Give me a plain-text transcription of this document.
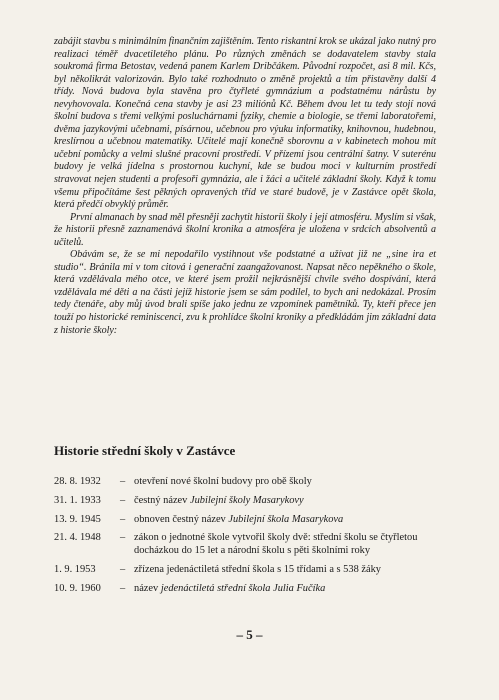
zabájit stavbu s minimálním finančním zajištěním. Tento riskantní krok se ukázal jako nutný pro realizaci téměř dvacetiletého plánu. Po různých změnách se dodavatelem stavby stala soukromá firma Betostav, vedená panem Karlem Dribčákem. Původní rozpočet, asi 8 mil. Kčs, byl několikrát valorizován. Bylo také rozhodnuto o změně projektů a tím přistavěny další 4 třídy. Nová budova byla stavěna pro čtyřleté gymnázium a podstatnému nárůstu by nevyhovovala. Konečná cena stavby je asi 23 miliónů Kč. Během dvou let tu tedy stojí nová školní budova s třemi velkými posluchárnami fyziky, chemie a biologie, se třemi laboratořemi, dvěma jazykovými učebnami, písárnou, učebnou pro výuku informatiky, knihovnou, hudebnou, kreslírnou a učebnou matematiky. Učitelé mají konečně sborovnu a v kabinetech mohou mít učební pomůcky a velmi slušné pracovní prostředí. V přízemí jsou centrální šatny. V suterénu budovy je velká jídelna s prostornou kuchyní, kde se budou moci v kulturním prostředí stravovat nejen studenti a profesoři gymnázia, ale i žáci a učitelé základní školy. Když k tomu všemu připočítáme šest pěkných opravených tříd ve staré budově, je v Zastávce opět škola, která předčí obvyklý průměr.

První almanach by snad měl přesněji zachytit historii školy i její atmosféru. Myslím si však, že historii přesně zaznamenává školní kronika a atmosféra je uložena v srdcích absolventů a učitelů.

Obávám se, že se mi nepodařilo vystihnout vše podstatné a užívat již ne „sine ira et studio“. Bránila mi v tom citová i generační zaangažovanost. Napsat něco nepěkného o škole, která vzdělávala mého otce, ve které jsem prožil nejkrásnější chvíle svého dospívání, která vzdělávala mé děti a na části jejíž historie jsem se sám podílel, to bych ani nedokázal. Prosím tedy čtenáře, aby můj úvod brali spíše jako jednu ze vzpomínek pamětníků. Ty, kteří přece jen touží po historické reminiscenci, zvu k prohlídce školní kroniky a předkládám jim základní data z historie školy:

Historie střední školy v Zastávce
28. 8. 1932	– otevření nové školní budovy pro obě školy
31. 1. 1933	– čestný název Jubilejní školy Masarykovy
13. 9. 1945	– obnoven čestný název Jubilejní škola Masarykova
21. 4. 1948	– zákon o jednotné škole vytvořil školy dvě: střední školu se čtyřletou docházkou do 15 let a národní školu s pěti školními roky
1. 9. 1953	– zřízena jedenáctiletá střední škola s 15 třídami a s 538 žáky
10. 9. 1960	– název jedenáctiletá střední škola Julia Fučíka
– 5 –
